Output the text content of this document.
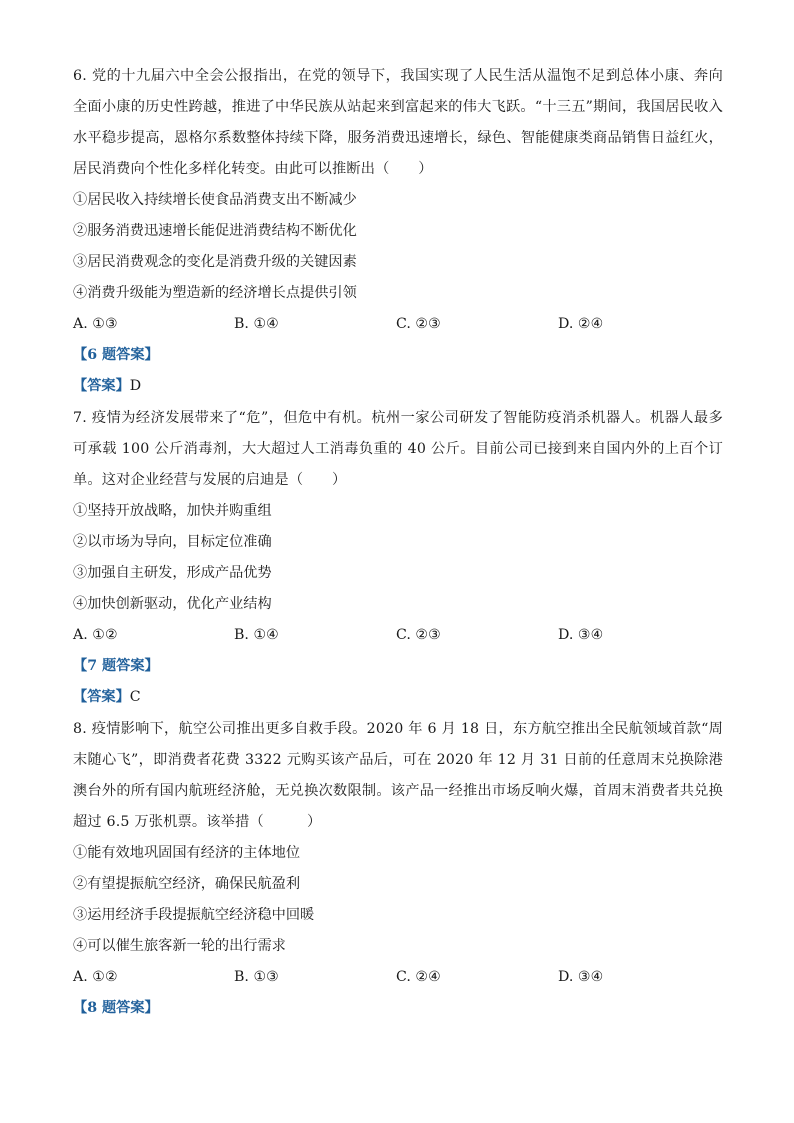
6. 党的十九届六中全会公报指出，在党的领导下，我国实现了人民生活从温饱不足到总体小康、奔向全面小康的历史性跨越，推进了中华民族从站起来到富起来的伟大飞跃。“十三五”期间，我国居民收入水平稳步提高，恩格尔系数整体持续下降，服务消费迅速增长，绿色、智能健康类商品销售日益红火，居民消费向个性化多样化转变。由此可以推断出（　　）

①居民收入持续增长使食品消费支出不断减少

②服务消费迅速增长能促进消费结构不断优化

③居民消费观念的变化是消费升级的关键因素

④消费升级能为塑造新的经济增长点提供引领

A. ①③	B. ①④	C. ②③	D. ②④

【6 题答案】

【答案】D

7. 疫情为经济发展带来了“危”，但危中有机。杭州一家公司研发了智能防疫消杀机器人。机器人最多可承载 100 公斤消毒剂，大大超过人工消毒负重的 40 公斤。目前公司已接到来自国内外的上百个订单。这对企业经营与发展的启迪是（　　）

①坚持开放战略，加快并购重组

②以市场为导向，目标定位准确

③加强自主研发，形成产品优势

④加快创新驱动，优化产业结构

A. ①②	B. ①④	C. ②③	D. ③④

【7 题答案】

【答案】C

8. 疫情影响下，航空公司推出更多自救手段。2020 年 6 月 18 日，东方航空推出全民航领域首款“周末随心飞”，即消费者花费 3322 元购买该产品后，可在 2020 年 12 月 31 日前的任意周末兑换除港澳台外的所有国内航班经济舱，无兑换次数限制。该产品一经推出市场反响火爆，首周末消费者共兑换超过 6.5 万张机票。该举措（　　　）

①能有效地巩固国有经济的主体地位

②有望提振航空经济，确保民航盈利

③运用经济手段提振航空经济稳中回暖

④可以催生旅客新一轮的出行需求

A. ①②	B. ①③	C. ②④	D. ③④

【8 题答案】
